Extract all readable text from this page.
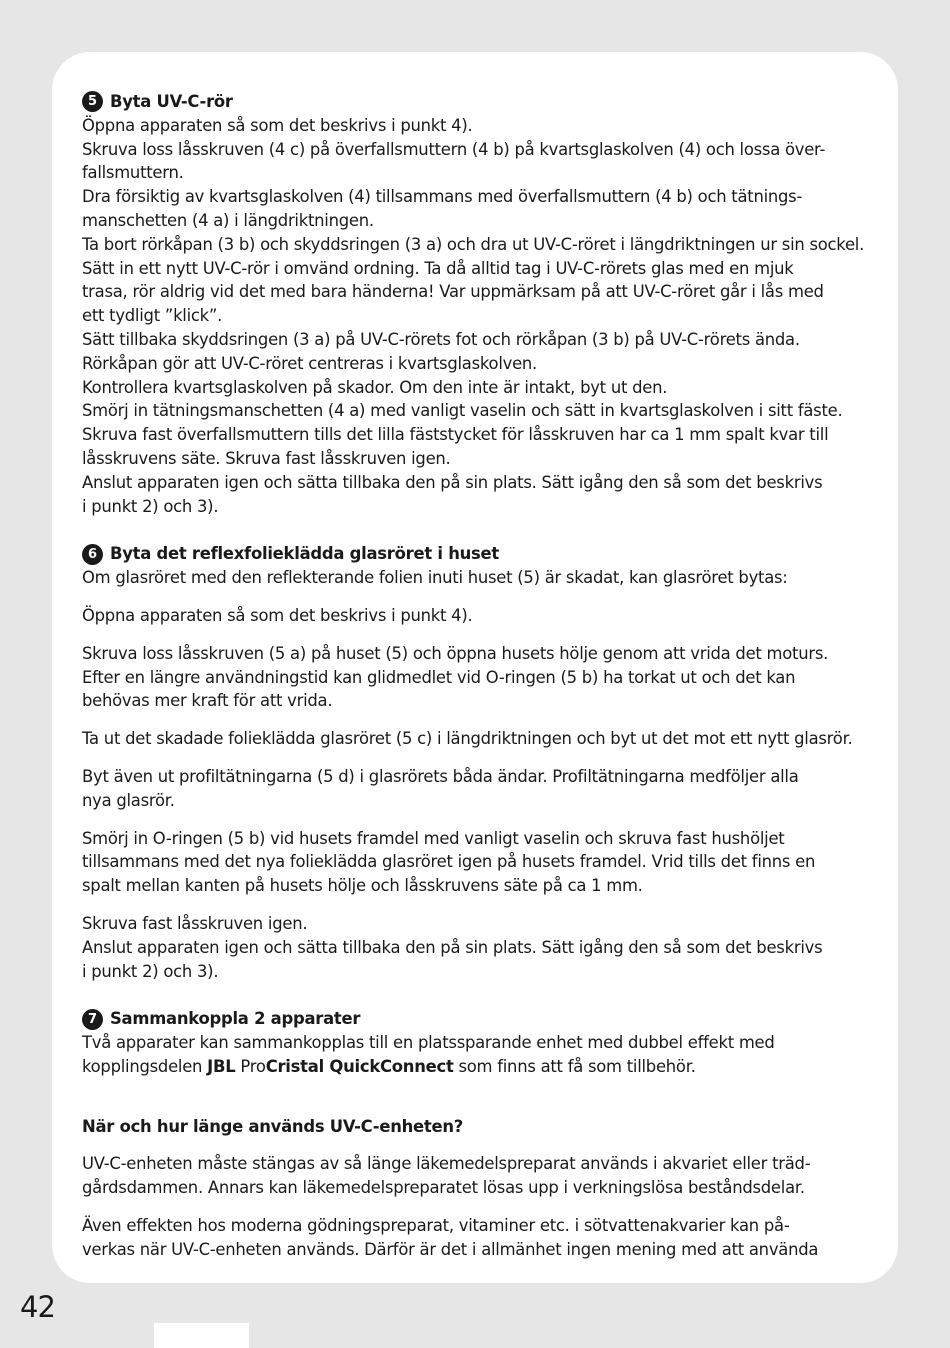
5 Byta UV-C-rör
Öppna apparaten så som det beskrivs i punkt 4).
Skruva loss låsskruven (4 c) på överfallsmuttern (4 b) på kvartsglaskolven (4) och lossa över-
fallsmuttern.
Dra försiktig av kvartsglaskolven (4) tillsammans med överfallsmuttern (4 b) och tätnings-
manschetten (4 a) i längdriktningen.
Ta bort rörkåpan (3 b) och skyddsringen (3 a) och dra ut UV-C-röret i längdriktningen ur sin sockel.
Sätt in ett nytt UV-C-rör i omvänd ordning. Ta då alltid tag i UV-C-rörets glas med en mjuk
trasa, rör aldrig vid det med bara händerna! Var uppmärksam på att UV-C-röret går i lås med
ett tydligt ”klick”.
Sätt tillbaka skyddsringen (3 a) på UV-C-rörets fot och rörkåpan (3 b) på UV-C-rörets ända.
Rörkåpan gör att UV-C-röret centreras i kvartsglaskolven.
Kontrollera kvartsglaskolven på skador. Om den inte är intakt, byt ut den.
Smörj in tätningsmanschetten (4 a) med vanligt vaselin och sätt in kvartsglaskolven i sitt fäste.
Skruva fast överfallsmuttern tills det lilla fäststycket för låsskruven har ca 1 mm spalt kvar till
låsskruvens säte. Skruva fast låsskruven igen.
Anslut apparaten igen och sätta tillbaka den på sin plats. Sätt igång den så som det beskrivs
i punkt 2) och 3).
6 Byta det reflexfolieklädda glasröret i huset
Om glasröret med den reflekterande folien inuti huset (5) är skadat, kan glasröret bytas:
Öppna apparaten så som det beskrivs i punkt 4).
Skruva loss låsskruven (5 a) på huset (5) och öppna husets hölje genom att vrida det moturs.
Efter en längre användningstid kan glidmedlet vid O-ringen (5 b) ha torkat ut och det kan
behövas mer kraft för att vrida.
Ta ut det skadade folieklädda glasröret (5 c) i längdriktningen och byt ut det mot ett nytt glasrör.
Byt även ut profiltätningarna (5 d) i glasrörets båda ändar. Profiltätningarna medföljer alla
nya glasrör.
Smörj in O-ringen (5 b) vid husets framdel med vanligt vaselin och skruva fast hushöljet
tillsammans med det nya folieklädda glasröret igen på husets framdel. Vrid tills det finns en
spalt mellan kanten på husets hölje och låsskruvens säte på ca 1 mm.
Skruva fast låsskruven igen.
Anslut apparaten igen och sätta tillbaka den på sin plats. Sätt igång den så som det beskrivs
i punkt 2) och 3).
7 Sammankoppla 2 apparater
Två apparater kan sammankopplas till en platssparande enhet med dubbel effekt med
kopplingsdelen JBL ProCristal QuickConnect som finns att få som tillbehör.
När och hur länge används UV-C-enheten?
UV-C-enheten måste stängas av så länge läkemedelspreparat används i akvariet eller träd-
gårdsdammen. Annars kan läkemedelspreparatet lösas upp i verkningslösa beståndsdelar.
Även effekten hos moderna gödningspreparat, vitaminer etc. i sötvattenakvarier kan på-
verkas när UV-C-enheten används. Därför är det i allmänhet ingen mening med att använda
42
